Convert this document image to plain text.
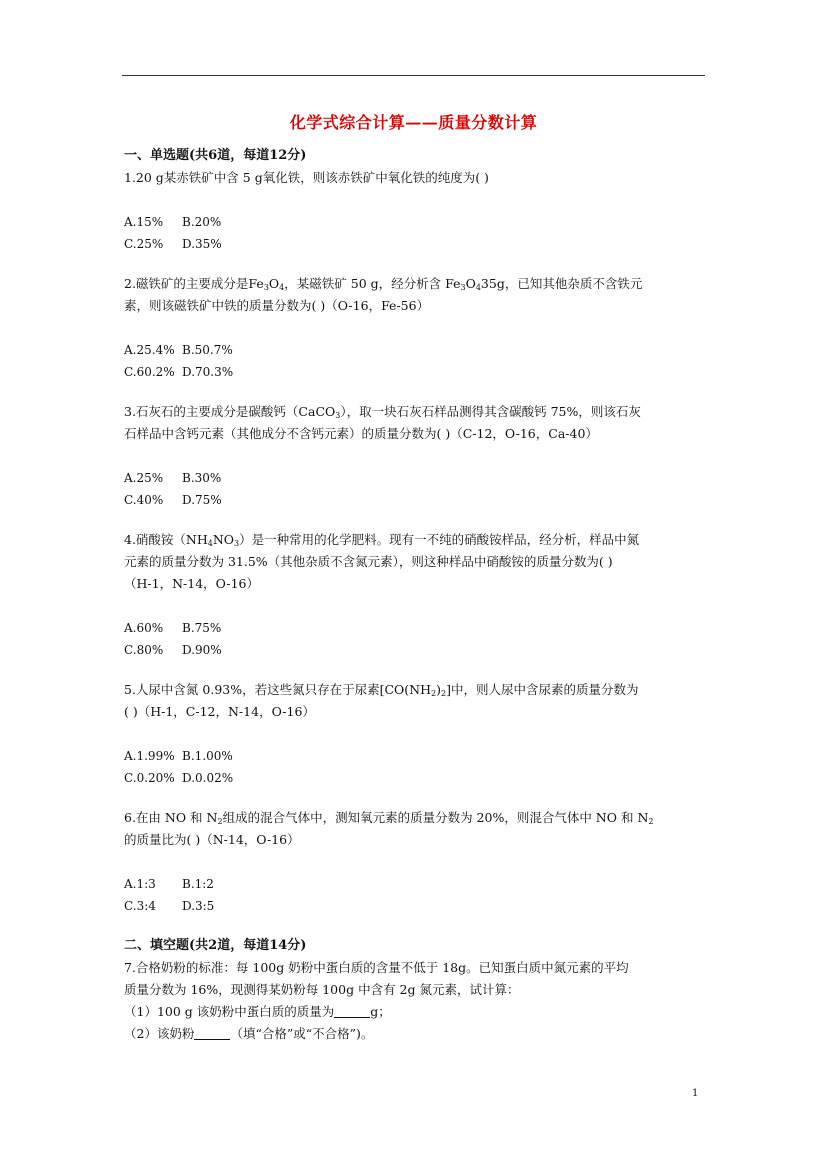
化学式综合计算——质量分数计算

一、单选题(共6道，每道12分)

1.20 g某赤铁矿中含 5 g氧化铁，则该赤铁矿中氧化铁的纯度为( )

A.15% B.20%

C.25% D.35%

2.磁铁矿的主要成分是$Fe_3O_4$，某磁铁矿 50 g，经分析含 $Fe_3O_435g$，已知其他杂质不含铁元

素，则该磁铁矿中铁的质量分数为( )（O-16，Fe-56）

A.25.4% B.50.7%

C.60.2% D.70.3%

3.石灰石的主要成分是碳酸钙（CaCO$_3$），取一块石灰石样品测得其含碳酸钙 75%，则该石灰

石样品中含钙元素（其他成分不含钙元素）的质量分数为( )（C-12，O-16，Ca-40）

A.25% B.30%

C.40% D.75%

4.硝酸铵$(NH_4NO_3)$是一种常用的化学肥料。现有一不纯的硝酸铵样品，经分析，样品中氮

元素的质量分数为 31.5%（其他杂质不含氮元素），则这种样品中硝酸铵的质量分数为( )

（H-1，N-14，O-16）

A.60% B.75%

C.80% D.90%

5.人尿中含氮 0.93%，若这些氮只存在于尿素$[CO(NH_2)_2]$中，则人尿中含尿素的质量分数为

( )（H-1，C-12，N-14，O-16）

A.1.99% B.1.00%

C.0.20% D.0.02%

6.在由 NO 和 $N_2$组成的混合气体中，测知氧元素的质量分数为 20%，则混合气体中 NO 和 $N_2$

的质量比为( )（N-14，O-16）

A.1:3 B.1:2

C.3:4 D.3:5

二、填空题(共2道，每道14分)

7.合格奶粉的标准：每 100g 奶粉中蛋白质的含量不低于 18g。已知蛋白质中氮元素的平均

质量分数为 16%，现测得某奶粉每 100g 中含有 2g 氮元素，试计算：

（1）100 g 该奶粉中蛋白质的质量为	g；

（2）该奶粉	（填“合格”或“不合格”)。

1
